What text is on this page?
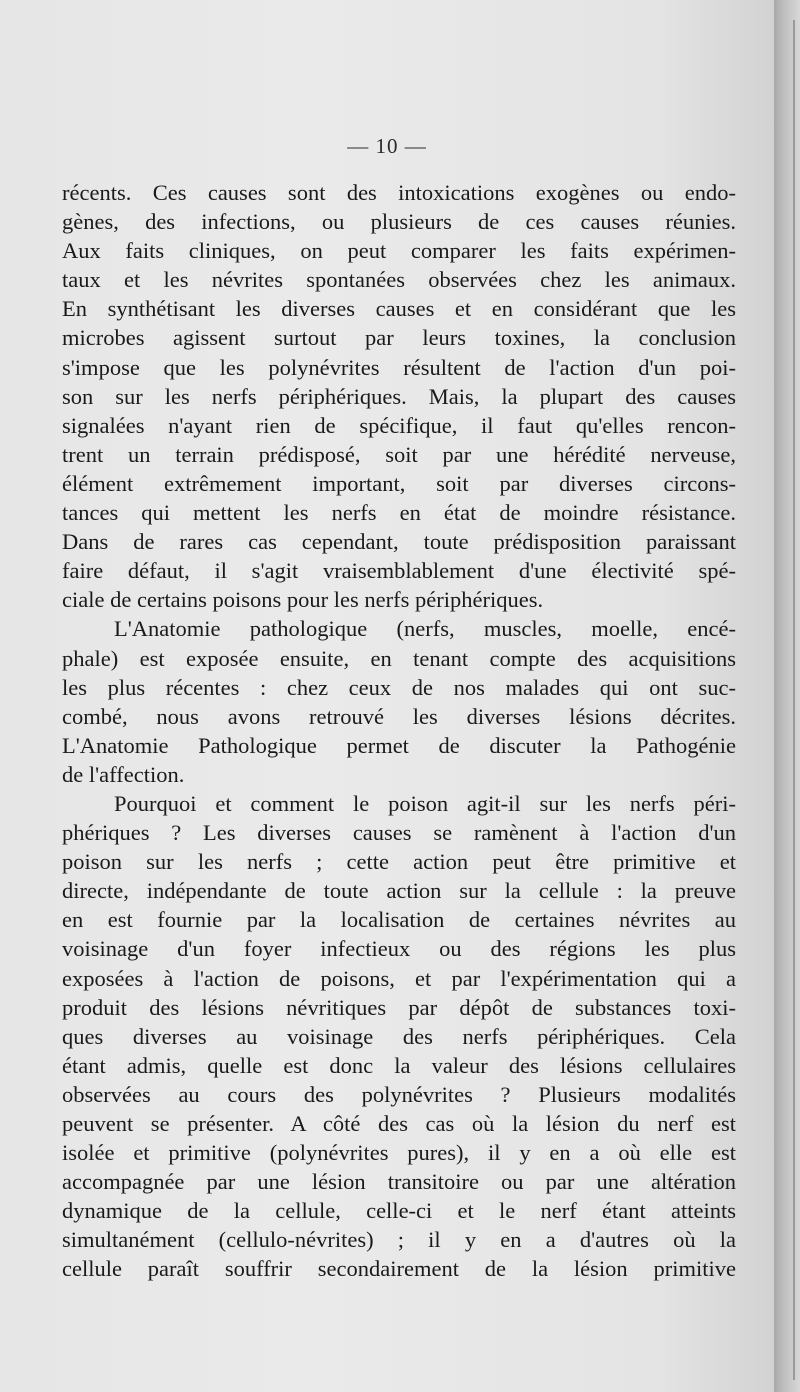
— 10 —
récents. Ces causes sont des intoxications exogènes ou endo-
gènes, des infections, ou plusieurs de ces causes réunies.
Aux faits cliniques, on peut comparer les faits expérimen-
taux et les névrites spontanées observées chez les animaux.
En synthétisant les diverses causes et en considérant que les
microbes agissent surtout par leurs toxines, la conclusion
s'impose que les polynévrites résultent de l'action d'un poi-
son sur les nerfs périphériques. Mais, la plupart des causes
signalées n'ayant rien de spécifique, il faut qu'elles rencon-
trent un terrain prédisposé, soit par une hérédité nerveuse,
élément extrêmement important, soit par diverses circons-
tances qui mettent les nerfs en état de moindre résistance.
Dans de rares cas cependant, toute prédisposition paraissant
faire défaut, il s'agit vraisemblablement d'une électivité spé-
ciale de certains poisons pour les nerfs périphériques.
L'Anatomie pathologique (nerfs, muscles, moelle, encé-
phale) est exposée ensuite, en tenant compte des acquisitions
les plus récentes : chez ceux de nos malades qui ont suc-
combé, nous avons retrouvé les diverses lésions décrites.
L'Anatomie Pathologique permet de discuter la Pathogénie
de l'affection.
Pourquoi et comment le poison agit-il sur les nerfs péri-
phériques ? Les diverses causes se ramènent à l'action d'un
poison sur les nerfs ; cette action peut être primitive et
directe, indépendante de toute action sur la cellule : la preuve
en est fournie par la localisation de certaines névrites au
voisinage d'un foyer infectieux ou des régions les plus
exposées à l'action de poisons, et par l'expérimentation qui a
produit des lésions névritiques par dépôt de substances toxi-
ques diverses au voisinage des nerfs périphériques. Cela
étant admis, quelle est donc la valeur des lésions cellulaires
observées au cours des polynévrites ? Plusieurs modalités
peuvent se présenter. A côté des cas où la lésion du nerf est
isolée et primitive (polynévrites pures), il y en a où elle est
accompagnée par une lésion transitoire ou par une altération
dynamique de la cellule, celle-ci et le nerf étant atteints
simultanément (cellulo-névrites) ; il y en a d'autres où la
cellule paraît souffrir secondairement de la lésion primitive
